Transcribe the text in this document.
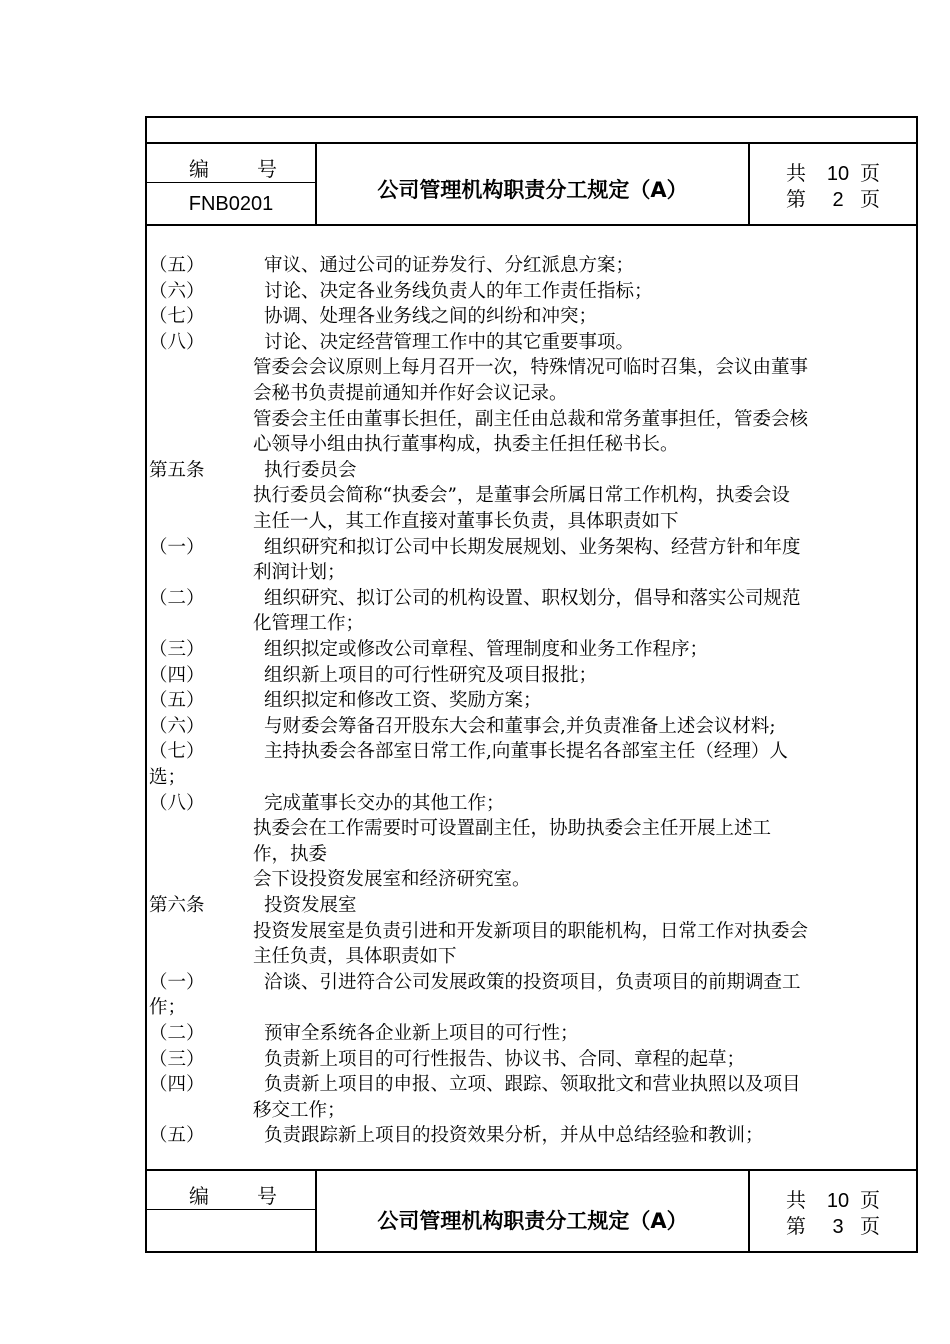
编 号
FNB0201
公司管理机构职责分工规定（A）
共 10 页
第 2 页
（五）	审议、通过公司的证券发行、分红派息方案；
（六）	讨论、决定各业务线负责人的年工作责任指标；
（七）	协调、处理各业务线之间的纠纷和冲突；
（八）	讨论、决定经营管理工作中的其它重要事项。
管委会会议原则上每月召开一次，特殊情况可临时召集，会议由董事
会秘书负责提前通知并作好会议记录。
管委会主任由董事长担任，副主任由总裁和常务董事担任，管委会核
心领导小组由执行董事构成，执委主任担任秘书长。
第五条	执行委员会
执行委员会简称“执委会”，是董事会所属日常工作机构，执委会设
主任一人，其工作直接对董事长负责，具体职责如下
（一）	组织研究和拟订公司中长期发展规划、业务架构、经营方针和年度
利润计划；
（二）	组织研究、拟订公司的机构设置、职权划分，倡导和落实公司规范
化管理工作；
（三）	组织拟定或修改公司章程、管理制度和业务工作程序；
（四）	组织新上项目的可行性研究及项目报批；
（五）	组织拟定和修改工资、奖励方案；
（六）	与财委会筹备召开股东大会和董事会,并负责准备上述会议材料;
（七）	主持执委会各部室日常工作,向董事长提名各部室主任（经理）人
选；
（八）	完成董事长交办的其他工作；
执委会在工作需要时可设置副主任，协助执委会主任开展上述工
作，执委
会下设投资发展室和经济研究室。
第六条	投资发展室
投资发展室是负责引进和开发新项目的职能机构，日常工作对执委会
主任负责，具体职责如下
（一）	洽谈、引进符合公司发展政策的投资项目，负责项目的前期调查工
作；
（二）	预审全系统各企业新上项目的可行性；
（三）	负责新上项目的可行性报告、协议书、合同、章程的起草；
（四）	负责新上项目的申报、立项、跟踪、领取批文和营业执照以及项目
移交工作；
（五）	负责跟踪新上项目的投资效果分析，并从中总结经验和教训；
编 号
公司管理机构职责分工规定（A）
共 10 页
第 3 页
